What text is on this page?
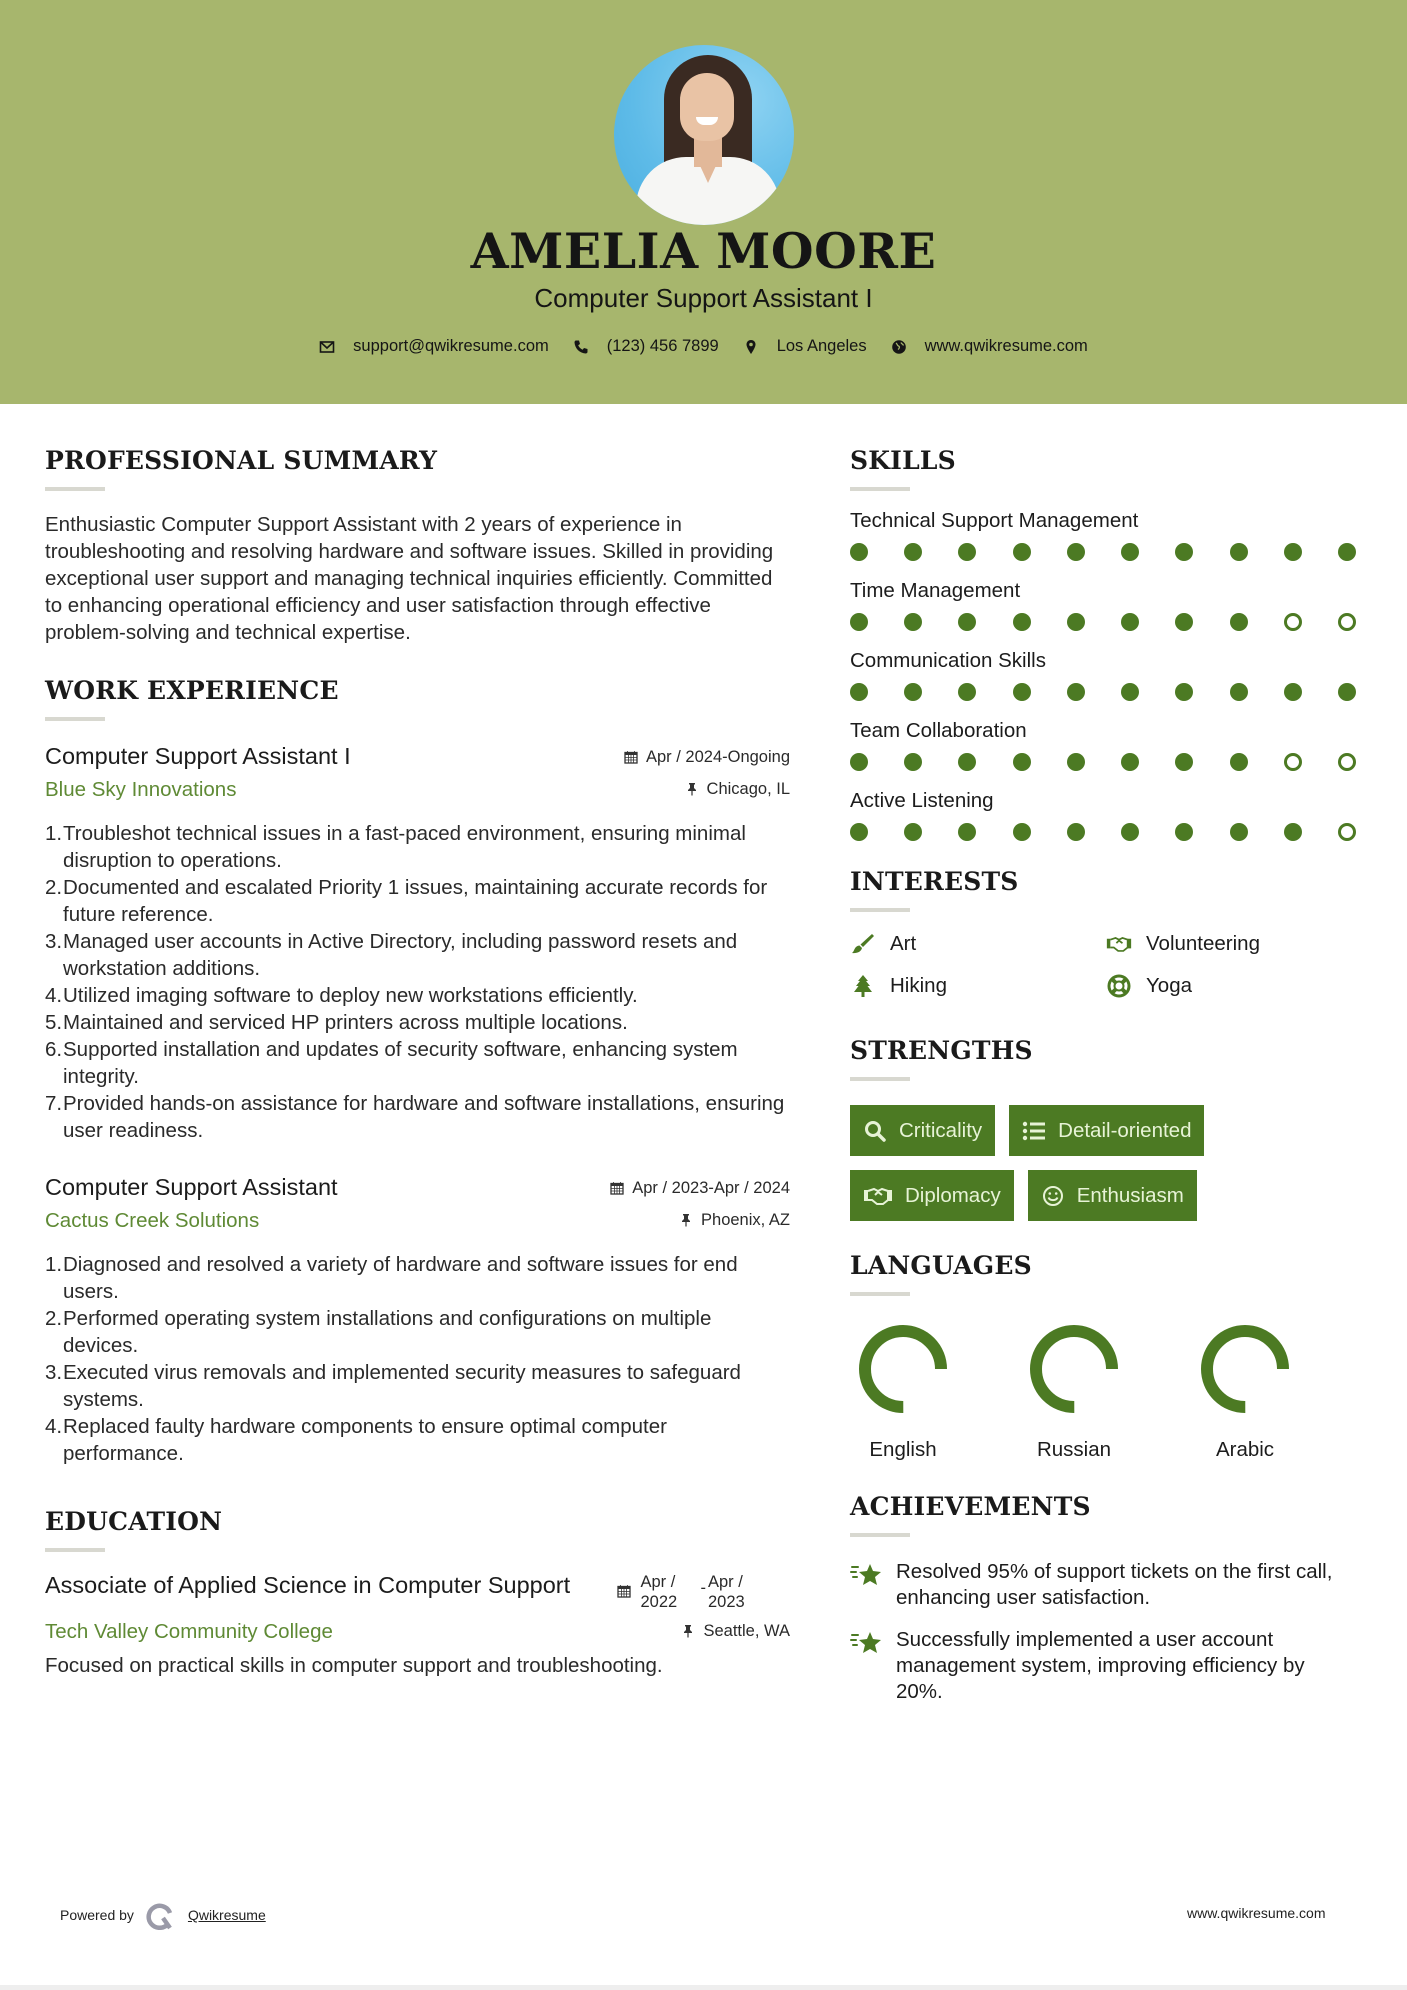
AMELIA MOORE
Computer Support Assistant I
support@qwikresume.com	(123) 456 7899	Los Angeles	www.qwikresume.com
PROFESSIONAL SUMMARY

Enthusiastic Computer Support Assistant with 2 years of experience in troubleshooting and resolving hardware and software issues. Skilled in providing exceptional user support and managing technical inquiries efficiently. Committed to enhancing operational efficiency and user satisfaction through effective problem-solving and technical expertise.

WORK EXPERIENCE
Computer Support Assistant I	Apr / 2024-Ongoing
Blue Sky Innovations	Chicago, IL
1. Troubleshot technical issues in a fast-paced environment, ensuring minimal disruption to operations.
2. Documented and escalated Priority 1 issues, maintaining accurate records for future reference.
3. Managed user accounts in Active Directory, including password resets and workstation additions.
4. Utilized imaging software to deploy new workstations efficiently.
5. Maintained and serviced HP printers across multiple locations.
6. Supported installation and updates of security software, enhancing system integrity.
7. Provided hands-on assistance for hardware and software installations, ensuring user readiness.
Computer Support Assistant	Apr / 2023-Apr / 2024
Cactus Creek Solutions	Phoenix, AZ
1. Diagnosed and resolved a variety of hardware and software issues for end users.
2. Performed operating system installations and configurations on multiple devices.
3. Executed virus removals and implemented security measures to safeguard systems.
4. Replaced faulty hardware components to ensure optimal computer performance.
EDUCATION
Associate of Applied Science in Computer Support	Apr / 2022
- Apr / 2023
Tech Valley Community College	Seattle, WA

Focused on practical skills in computer support and troubleshooting.

SKILLS
Technical Support Management
Time Management
Communication Skills
Team Collaboration
Active Listening
INTERESTS
Art	Volunteering
Hiking	Yoga
STRENGTHS
Criticality	Detail-oriented
Diplomacy	Enthusiasm
LANGUAGES
English	Russian	Arabic
ACHIEVEMENTS
Resolved 95% of support tickets on the first call, enhancing user satisfaction.
Successfully implemented a user account management system, improving efficiency by 20%.
Powered by	Qwikresume	www.qwikresume.com
